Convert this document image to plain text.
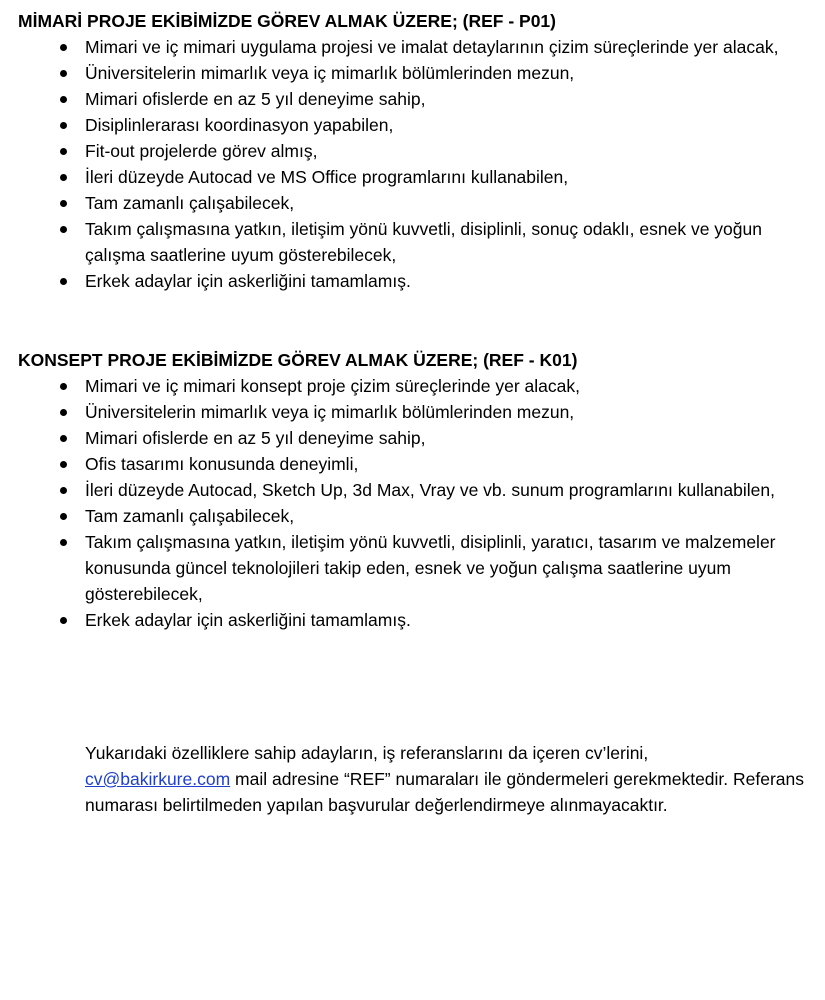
MİMARİ PROJE EKİBİMİZDE GÖREV ALMAK ÜZERE; (REF - P01)

Mimari ve iç mimari uygulama projesi ve imalat detaylarının çizim süreçlerinde yer alacak,
Üniversitelerin mimarlık veya iç mimarlık bölümlerinden mezun,
Mimari ofislerde en az 5 yıl deneyime sahip,
Disiplinlerarası koordinasyon yapabilen,
Fit-out projelerde görev almış,
İleri düzeyde Autocad ve MS Office programlarını kullanabilen,
Tam zamanlı çalışabilecek,
Takım çalışmasına yatkın, iletişim yönü kuvvetli, disiplinli, sonuç odaklı, esnek ve yoğun çalışma saatlerine uyum gösterebilecek,
Erkek adaylar için askerliğini tamamlamış.

KONSEPT PROJE EKİBİMİZDE GÖREV ALMAK ÜZERE; (REF - K01)

Mimari ve iç mimari konsept proje çizim süreçlerinde yer alacak,
Üniversitelerin mimarlık veya iç mimarlık bölümlerinden mezun,
Mimari ofislerde en az 5 yıl deneyime sahip,
Ofis tasarımı konusunda deneyimli,
İleri düzeyde Autocad, Sketch Up, 3d Max, Vray ve vb. sunum programlarını kullanabilen,
Tam zamanlı çalışabilecek,
Takım çalışmasına yatkın, iletişim yönü kuvvetli, disiplinli, yaratıcı, tasarım ve malzemeler konusunda güncel teknolojileri takip eden, esnek ve yoğun çalışma saatlerine uyum gösterebilecek,
Erkek adaylar için askerliğini tamamlamış.
Yukarıdaki özelliklere sahip adayların, iş referanslarını da içeren cv’lerini,
cv@bakirkure.com mail adresine “REF” numaraları ile göndermeleri gerekmektedir. Referans numarası belirtilmeden yapılan başvurular değerlendirmeye alınmayacaktır.
